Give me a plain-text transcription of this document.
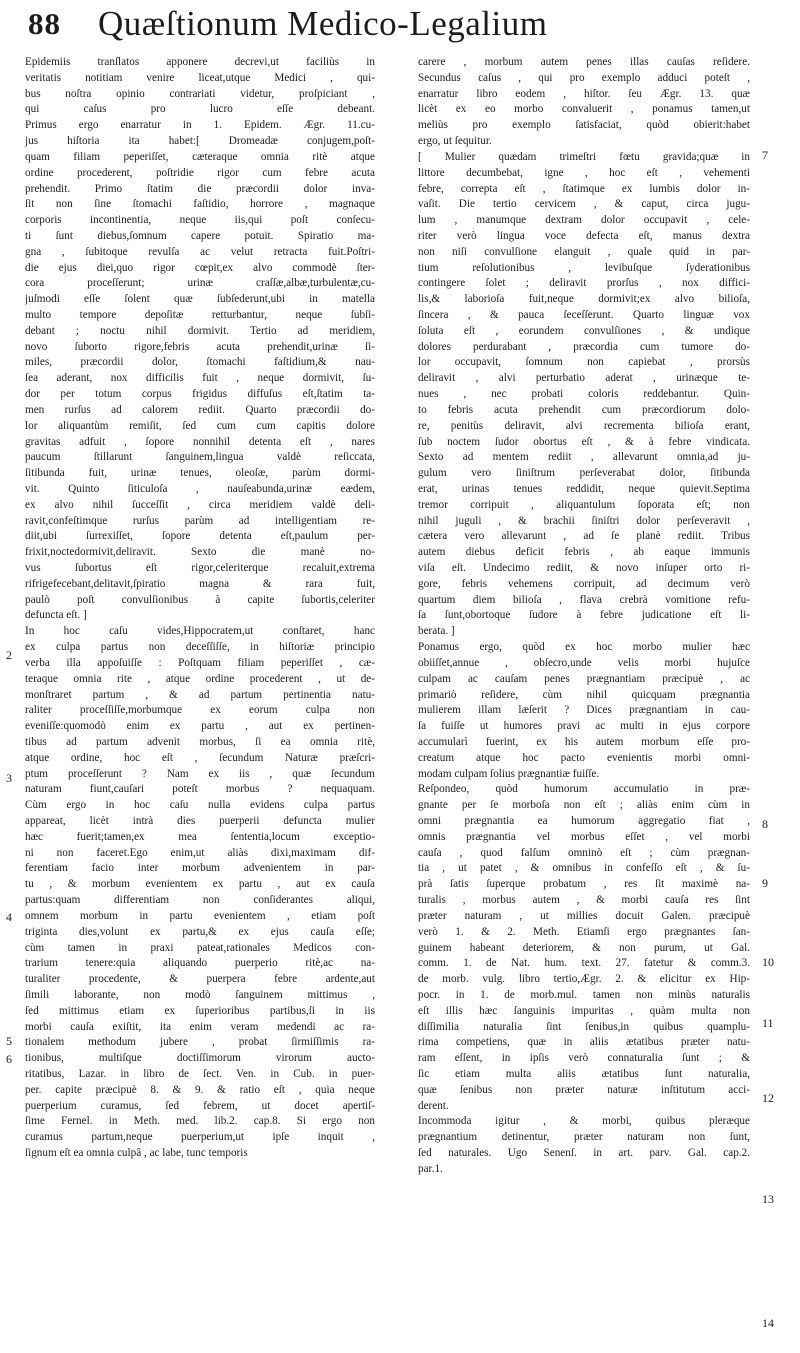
88 Quæſtionum Medico-Legalium
Epidemiis tranſlatos apponere decrevi,ut faciliùs in
veritatis notitiam venire liceat,utque Medici , qui-
bus noſtra opinio contrariati videtur, proſpiciant ,
qui caſus pro lucro eſſe debeant.
Primus ergo enarratur in 1. Epidem. Ægr. 11.cu-
jus hiſtoria ita habet:[ Dromeadæ conjugem,poſt-
quam filiam peperiſſet, cæteraque omnia ritè atque
ordine procederent, poſtridie rigor cum febre acuta
prehendit. Primo ſtatim die præcordii dolor inva-
ſit non ſine ſtomachi faſtidio, horrore , magnaque
corporis incontinentia, neque iis,qui poſt conſecu-
ti ſunt diebus,ſomnum capere potuit. Spiratio ma-
gna , ſubitoque revulſa ac velut retracta fuit.Poſtri-
die ejus diei,quo rigor cœpit,ex alvo commodè ſter-
cora proceſſerunt; urinæ craſſæ,albæ,turbulentæ,cu-
juſmodi eſſe ſolent quæ ſubſederunt,ubi in matella
multo tempore depoſitæ retturbantur, neque ſubſi-
debant ; noctu nihil dormivit. Tertio ad meridiem,
novo ſuborto rigore,febris acuta prehendit,urinæ ſi-
miles, præcordii dolor, ſtomachi faſtidium,& nau-
ſea aderant, nox difficilis fuit , neque dormivit, ſu-
dor per totum corpus frigidus diffuſus eſt,ſtatim ta-
men rurſus ad calorem rediit. Quarto præcordii do-
lor aliquantùm remiſit, ſed cum cum capitis dolore
gravitas adfuit , ſopore nonnihil detenta eſt , nares
paucum ſtillarunt ſanguinem,lingua valdè reſiccata,
ſitibunda fuit, urinæ tenues, oleoſæ, parùm dormi-
vit. Quinto ſiticuloſa , nauſeabunda,urinæ eædem,
ex alvo nihil ſucceſſit , circa meridiem valdè deli-
ravit,confeſtimque rurſus parùm ad intelligentiam re-
diit,ubi ſurrexiſſet, ſopore detenta eſt,paulum per-
frixit,noctedormivit,deliravit. Sexto die manè no-
vus ſubortus eſt rigor,celeriterque recaluit,extrema
rifrigefecebant,delitavit,ſpiratio magna & rara fuit,
paulò poſt convulſionibus à capite ſubortis,celeriter
defuncta eſt. ]
In hoc caſu vides,Hippocratem,ut conſtaret, hanc
ex culpa partus non deceſſiſſe, in hiſtoriæ principio
verba illa appoſuiſſe : Poſtquam filiam peperiſſet , cæ-
teraque omnia rite , atque ordine procederent , ut de-
monſtraret partum , & ad partum pertinentia natu-
raliter proceſſiſſe,morbumque ex eorum culpa non
eveniſſe:quomodò enim ex partu , aut ex pertinen-
tibus ad partum advenit morbus, ſi ea omnia ritè,
atque ordine, hoc eſt , ſecundum Naturæ præſcri-
ptum proceſſerunt ? Nam ex iis , quæ ſecundum
naturam fiunt,cauſari poteſt morbus ? nequaquam.
Cùm ergo in hoc caſu nulla evidens culpa partus
appareat, licèt intrà dies puerperii defuncta mulier
hæc fuerit;tamen,ex mea ſententia,locum exceptio-
ni non faceret.Ego enim,ut aliàs dixi,maximam dif-
ferentiam facio inter morbum advenientem in par-
tu , & morbum evenientem ex partu , aut ex cauſa
partus:quam differentiam non conſiderantes aliqui,
omnem morbum in partu evenientem , etiam poſt
triginta dies,volunt ex partu,& ex ejus cauſa eſſe;
cùm tamen in praxi pateat,rationales Medicos con-
trarium tenere:quia aliquando puerperio ritè,ac na-
turaliter procedente, & puerpera febre ardente,aut
ſimili laborante, non modò ſanguinem mittimus ,
ſed mittimus etiam ex ſuperioribus partibus,ſi in iis
morbi cauſa exiſtit, ita enim veram medendi ac ra-
tionalem methodum jubere , probat ſirmiſſimis ra-
tionibus, multiſque doctiſſimorum virorum aucto-
ritatibus, Lazar. in libro de ſect. Ven. in Cub. in puer-
per. capite præcipuè 8. & 9. & ratio eſt , quia neque
puerperium curamus, ſed febrem, ut docet apertiſ-
ſime Fernel. in Meth. med. lib.2. cap.8. Si ergo non
curamus partum,neque puerperium,ut ipſe inquit ,
ſignum eſt ea omnia culpâ , ac labe, tunc temporis
carere , morbum autem penes illas cauſas reſidere.
Secundus caſus , qui pro exemplo adduci poteſt ,
enarratur libro eodem , hiſtor. ſeu Ægr. 13. quæ
licèt ex eo morbo convaluerit , ponamus tamen,ut
meliùs pro exemplo ſatisfaciat, quòd obierit:habet
ergo, ut ſequitur.
[ Mulier quædam trimeſtri fœtu gravida;quæ in
littore decumbebat, igne , hoc eſt , vehementi
febre, correpta eſt , ſtatimque ex lumbis dolor in-
vaſit. Die tertio cervicem , & caput, circa jugu-
lum , manumque dextram dolor occupavit , cele-
riter verò lingua voce defecta eſt, manus dextra
non niſi convulſione elanguit , quale quid in par-
tium reſolutionibus , levibuſque ſyderationibus
contingere ſolet ; deliravit prorſus , nox diffici-
lis,& laborioſa fuit,neque dormivit;ex alvo bilioſa,
ſincera , & pauca ſeceſſerunt. Quarto linguæ vox
ſoluta eſt , eorundem convulſiones , & undique
dolores perdurabant , præcordia cum tumore do-
lor occupavit, ſomnum non capiebat , prorsùs
deliravit , alvi perturbatio aderat , urinæque te-
nues , nec probati coloris reddebantur. Quin-
to febris acuta prehendit cum præcordiorum dolo-
re, penitùs deliravit, alvi recrementa bilioſa erant,
ſub noctem ſudor obortus eſt , & à febre vindicata.
Sexto ad mentem rediit , allevarunt omnia,ad ju-
gulum vero ſiniſtrum perſeverabat dolor, ſitibunda
erat, urinas tenues reddidit, neque quievit.Septima
tremor corripuit , aliquantulum ſoporata eſt; non
nihil juguli , & brachii ſiniſtri dolor perſeveravit ,
cætera vero allevarunt , ad ſe planè rediit. Tribus
autem diebus deficit febris , ab eaque immunis
viſa eſt. Undecimo rediit, & novo inſuper orto ri-
gore, febris vehemens corripuit, ad decimum verò
quartum diem bilioſa , flava crebrà vomitione refu-
ſa ſunt,obortoque ſudore à febre judicatione eſt li-
berata. ]
Ponamus ergo, quòd ex hoc morbo mulier hæc
obiiſſet,annue , obſecro,unde velis morbi hujuſce
culpam ac cauſam penes prægnantiam præcipuè , ac
primariò reſidere, cùm nihil quicquam prægnantia
mulierem illam læſerit ? Dices prægnantiam in cau-
ſa fuiſſe ut humores pravi ac multi in ejus corpore
accumularì fuerint, ex his autem morbum eſſe pro-
creatum atque hoc pacto evenientis morbi omni-
modam culpam ſolius prægnantiæ fuiſſe.
Reſpondeo, quòd humorum accumulatio in præ-
gnante per ſe morboſa non eſt ; aliàs enim cùm in
omni prægnantia ea humorum aggregatio fiat ,
omnis prægnantia vel morbus eſſet , vel morbi
cauſa , quod falſum omninò eſt ; cùm prægnan-
tia , ut patet , & omnibus in confeſſo eſt , & ſu-
prà ſatis ſuperque probatum , res ſit maximè na-
turalis , morbus autem , & morbi cauſa res ſint
præter naturam , ut millies docuit Galen. præcipuè
verò 1. & 2. Meth. Etiamſi ergo prægnantes ſan-
guinem habeant deteriorem, & non purum, ut Gal.
comm. 1. de Nat. hum. text. 27. fatetur & comm.3.
de morb. vulg. libro tertio,Ægr. 2. & elicitur ex Hip-
pocr. in 1. de morb.mul. tamen non minùs naturalis
eſt illis hæc ſanguinis impuritas , quàm multa non
diſſimilia naturalia ſint ſenibus,in quibus quamplu-
rima competiens, quæ in aliis ætatibus præter natu-
ram eſſent, in ipſis verò connaturalia ſunt ; &
ſic etiam multa aliis ætatibus ſunt naturalia,
quæ ſenibus non præter naturæ inſtitutum acci-
derent.
Incommoda igitur , & morbi, quibus pleræque
prægnantium detinentur, præter naturam non ſunt,
ſed naturales. Ugo Senenſ. in art. parv. Gal. cap.2.
par.1.
2
3
4
5
6
7
8
9
10
11
12
13
14
